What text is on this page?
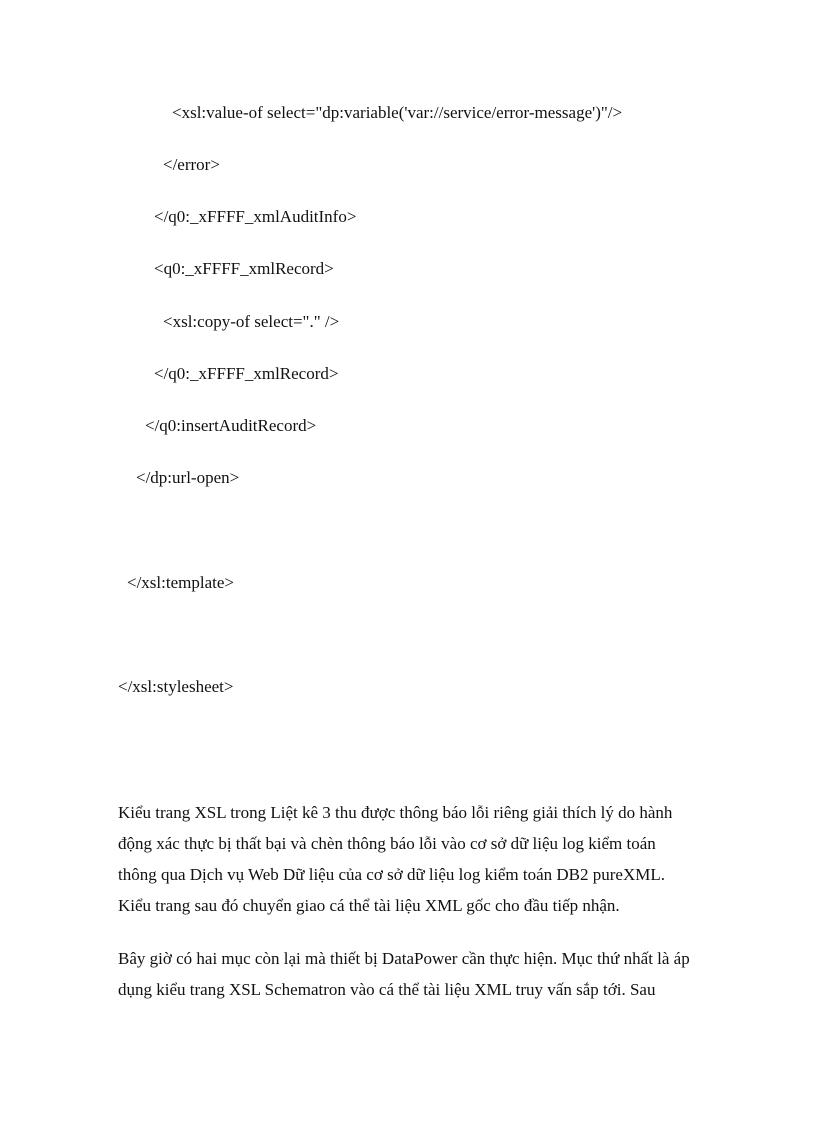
<xsl:value-of select="dp:variable('var://service/error-message')"/>
</error>
</q0:_xFFFF_xmlAuditInfo>
<q0:_xFFFF_xmlRecord>
<xsl:copy-of select="." />
</q0:_xFFFF_xmlRecord>
</q0:insertAuditRecord>
</dp:url-open>
</xsl:template>
</xsl:stylesheet>

Kiểu trang XSL trong Liệt kê 3 thu được thông báo lỗi riêng giải thích lý do hành động xác thực bị thất bại và chèn thông báo lỗi vào cơ sở dữ liệu log kiểm toán thông qua Dịch vụ Web Dữ liệu của cơ sở dữ liệu log kiểm toán DB2 pureXML. Kiểu trang sau đó chuyển giao cá thể tài liệu XML gốc cho đầu tiếp nhận.

Bây giờ có hai mục còn lại mà thiết bị DataPower cần thực hiện. Mục thứ nhất là áp dụng kiểu trang XSL Schematron vào cá thể tài liệu XML truy vấn sắp tới. Sau
